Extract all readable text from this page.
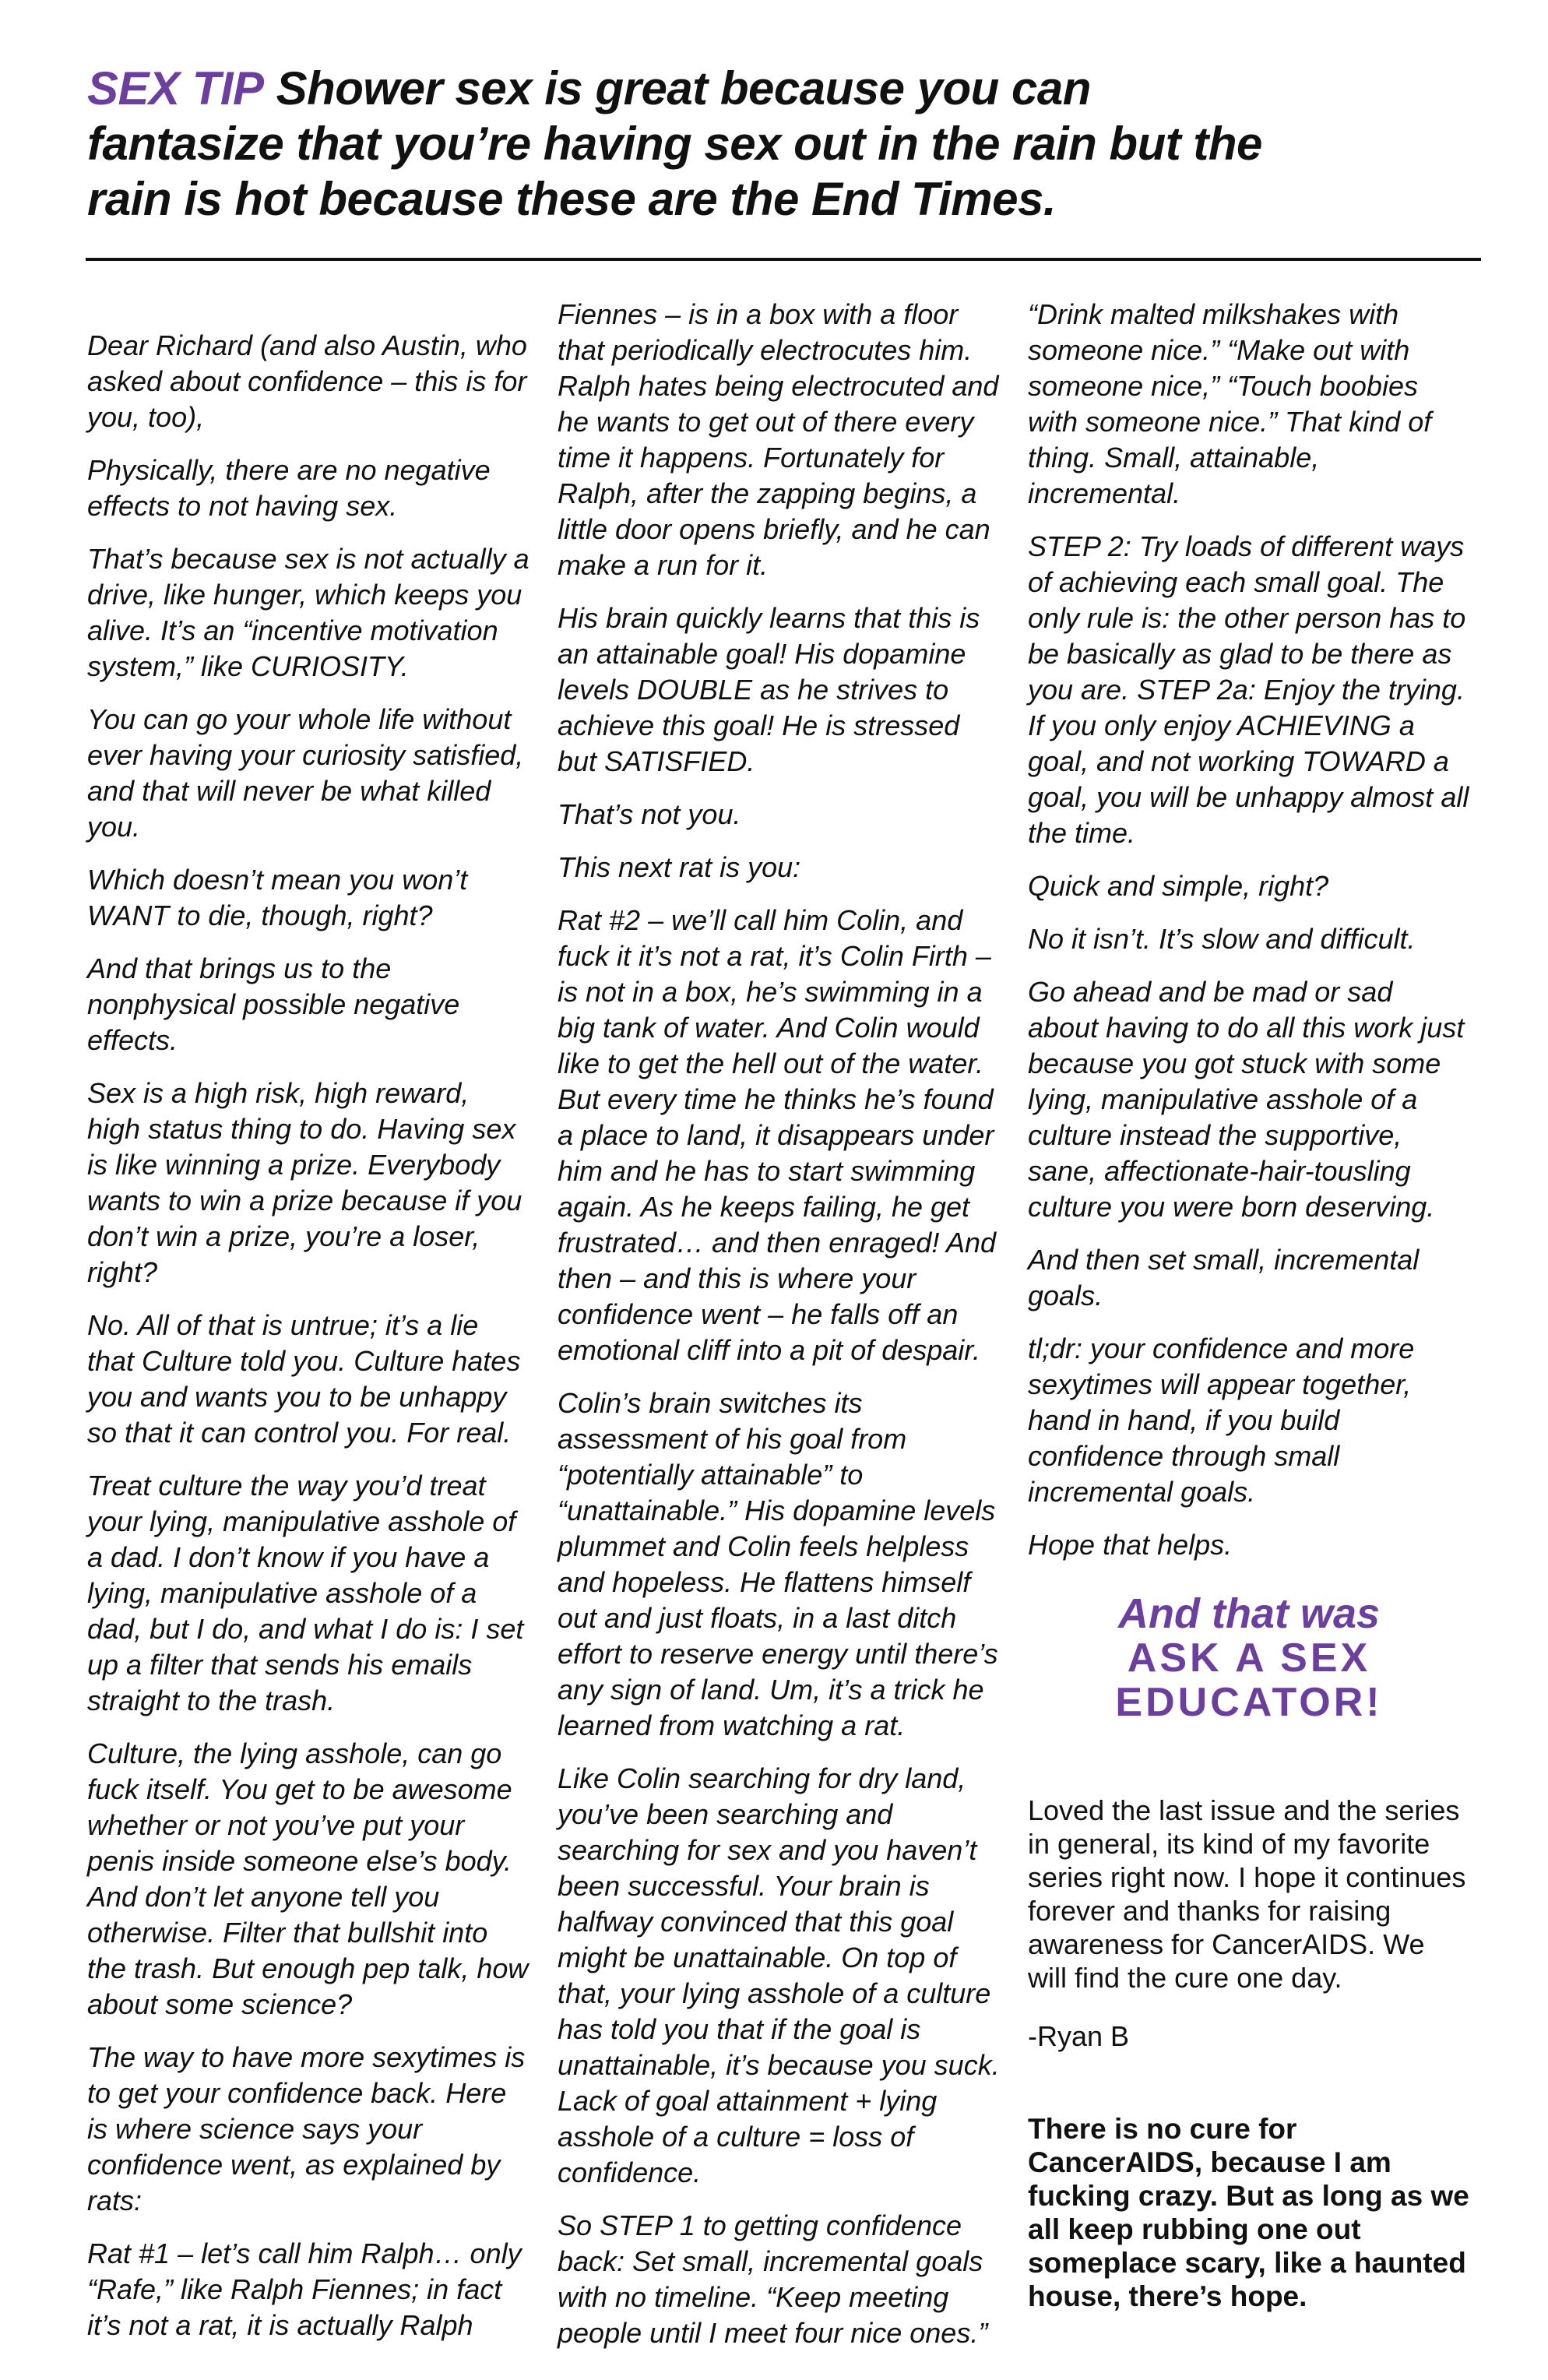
SEX TIP Shower sex is great because you can
fantasize that you’re having sex out in the rain but the
rain is hot because these are the End Times.

Dear Richard (and also Austin, who asked about confidence – this is for you, too),

Physically, there are no negative effects to not having sex.

That’s because sex is not actually a drive, like hunger, which keeps you alive. It’s an “incentive motivation system,” like CURIOSITY.

You can go your whole life without ever having your curiosity satisfied, and that will never be what killed you.

Which doesn’t mean you won’t WANT to die, though, right?

And that brings us to the nonphysical possible negative effects.

Sex is a high risk, high reward, high status thing to do. Having sex is like winning a prize. Everybody wants to win a prize because if you don’t win a prize, you’re a loser, right?

No. All of that is untrue; it’s a lie that Culture told you. Culture hates you and wants you to be unhappy so that it can control you. For real.

Treat culture the way you’d treat your lying, manipulative asshole of a dad. I don’t know if you have a lying, manipulative asshole of a dad, but I do, and what I do is: I set up a filter that sends his emails straight to the trash.

Culture, the lying asshole, can go fuck itself. You get to be awesome whether or not you’ve put your penis inside someone else’s body. And don’t let anyone tell you otherwise. Filter that bullshit into the trash. But enough pep talk, how about some science?

The way to have more sexytimes is to get your confidence back. Here is where science says your confidence went, as explained by rats:

Rat #1 – let’s call him Ralph… only “Rafe,” like Ralph Fiennes; in fact it’s not a rat, it is actually Ralph

Fiennes – is in a box with a floor that periodically electrocutes him. Ralph hates being electrocuted and he wants to get out of there every time it happens. Fortunately for Ralph, after the zapping begins, a little door opens briefly, and he can make a run for it.

His brain quickly learns that this is an attainable goal! His dopamine levels DOUBLE as he strives to achieve this goal! He is stressed but SATISFIED.

That’s not you.

This next rat is you:

Rat #2 – we’ll call him Colin, and fuck it it’s not a rat, it’s Colin Firth – is not in a box, he’s swimming in a big tank of water. And Colin would like to get the hell out of the water. But every time he thinks he’s found a place to land, it disappears under him and he has to start swimming again. As he keeps failing, he get frustrated… and then enraged! And then – and this is where your confidence went – he falls off an emotional cliff into a pit of despair.

Colin’s brain switches its assessment of his goal from “potentially attainable” to “unattainable.” His dopamine levels plummet and Colin feels helpless and hopeless. He flattens himself out and just floats, in a last ditch effort to reserve energy until there’s any sign of land. Um, it’s a trick he learned from watching a rat.

Like Colin searching for dry land, you’ve been searching and searching for sex and you haven’t been successful. Your brain is halfway convinced that this goal might be unattainable. On top of that, your lying asshole of a culture has told you that if the goal is unattainable, it’s because you suck. Lack of goal attainment + lying asshole of a culture = loss of confidence.

So STEP 1 to getting confidence back: Set small, incremental goals with no timeline. “Keep meeting people until I meet four nice ones.”

“Drink malted milkshakes with someone nice.” “Make out with someone nice,” “Touch boobies with someone nice.” That kind of thing. Small, attainable, incremental.

STEP 2: Try loads of different ways of achieving each small goal. The only rule is: the other person has to be basically as glad to be there as you are. STEP 2a: Enjoy the trying. If you only enjoy ACHIEVING a goal, and not working TOWARD a goal, you will be unhappy almost all the time.

Quick and simple, right?

No it isn’t. It’s slow and difficult.

Go ahead and be mad or sad about having to do all this work just because you got stuck with some lying, manipulative asshole of a culture instead the supportive, sane, affectionate-hair-tousling culture you were born deserving.

And then set small, incremental goals.

tl;dr: your confidence and more sexytimes will appear together, hand in hand, if you build confidence through small incremental goals.

Hope that helps.

And that was
ASK A SEX
EDUCATOR!

Loved the last issue and the series in general, its kind of my favorite series right now. I hope it continues forever and thanks for raising awareness for CancerAIDS. We will find the cure one day.

-Ryan B

There is no cure for CancerAIDS, because I am fucking crazy. But as long as we all keep rubbing one out someplace scary, like a haunted house, there’s hope.
